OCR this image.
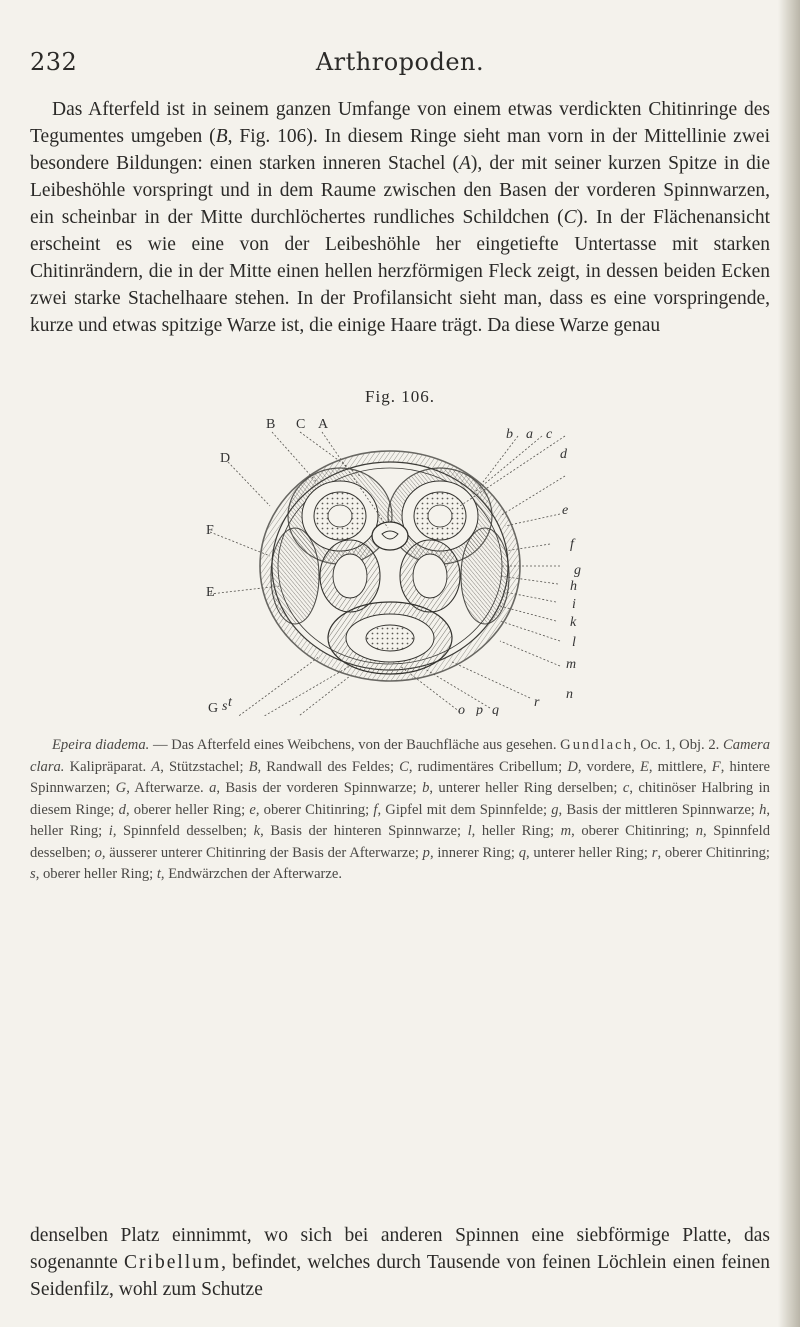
232	Arthropoden.

Das Afterfeld ist in seinem ganzen Umfange von einem etwas verdickten Chitinringe des Tegumentes umgeben (B, Fig. 106). In diesem Ringe sieht man vorn in der Mittellinie zwei besondere Bildungen: einen starken inneren Stachel (A), der mit seiner kurzen Spitze in die Leibeshöhle vorspringt und in dem Raume zwischen den Basen der vorderen Spinnwarzen, ein scheinbar in der Mitte durchlöchertes rundliches Schildchen (C). In der Flächenansicht erscheint es wie eine von der Leibeshöhle her eingetiefte Untertasse mit starken Chitinrändern, die in der Mitte einen hellen herzförmigen Fleck zeigt, in dessen beiden Ecken zwei starke Stachelhaare stehen. In der Profilansicht sieht man, dass es eine vorspringende, kurze und etwas spitzige Warze ist, die einige Haare trägt. Da diese Warze genau

Fig. 106.
B C A
D
E
F
t
s
G
b a c
d
e
f
g
h
i
k
l
m
n
r
q
o p

Epeira diadema. — Das Afterfeld eines Weibchens, von der Bauchfläche aus gesehen. Gundlach, Oc. 1, Obj. 2. Camera clara. Kalipräparat. A, Stützstachel; B, Randwall des Feldes; C, rudimentäres Cribellum; D, vordere, E, mittlere, F, hintere Spinnwarzen; G, Afterwarze. a, Basis der vorderen Spinnwarze; b, unterer heller Ring derselben; c, chitinöser Halbring in diesem Ringe; d, oberer heller Ring; e, oberer Chitinring; f, Gipfel mit dem Spinnfelde; g, Basis der mittleren Spinnwarze; h, heller Ring; i, Spinnfeld desselben; k, Basis der hinteren Spinnwarze; l, heller Ring; m, oberer Chitinring; n, Spinnfeld desselben; o, äusserer unterer Chitinring der Basis der Afterwarze; p, innerer Ring; q, unterer heller Ring; r, oberer Chitinring; s, oberer heller Ring; t, Endwärzchen der Afterwarze.

denselben Platz einnimmt, wo sich bei anderen Spinnen eine siebförmige Platte, das sogenannte Cribellum, befindet, welches durch Tausende von feinen Löchlein einen feinen Seidenfilz, wohl zum Schutze
